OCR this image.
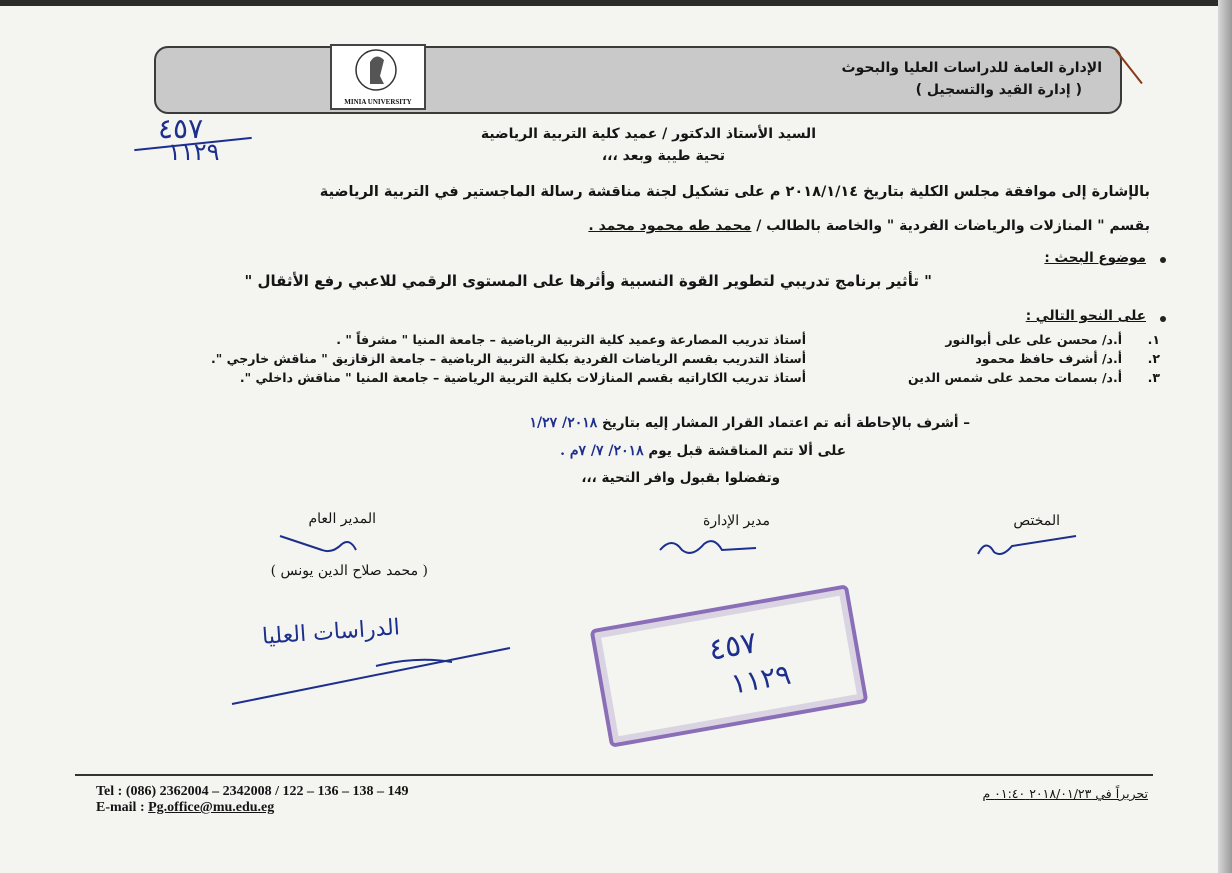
MINIA UNIVERSITY
الإدارة العامة للدراسات العليا والبحوث
( إدارة القيد والتسجيل )
٤٥٧
١١٢٩
السيد الأستاذ الدكتور / عميد كلية التربية الرياضية
تحية طيبة وبعد ،،،
بالإشارة إلى موافقة مجلس الكلية بتاريخ ٢٠١٨/١/١٤ م على تشكيل لجنة مناقشة رسالة الماجستير في التربية الرياضية
بقسم " المنازلات والرياضات الفردية " والخاصة بالطالب / محمد طه محمود محمد .
موضوع البحث :
" تأثير برنامج تدريبي لتطوير القوة النسبية وأثرها على المستوى الرقمي للاعبي رفع الأثقال "
على النحو التالي :
١.
أ.د/ محسن على على أبوالنور
أستاذ تدريب المصارعة وعميد كلية التربية الرياضية – جامعة المنيا " مشرفاً " .
٢.
أ.د/ أشرف حافظ محمود
أستاذ التدريب بقسم الرياضات الفردية بكلية التربية الرياضية – جامعة الزقازيق " مناقش خارجي ".
٣.
أ.د/ بسمات محمد على شمس الدين
أستاذ تدريب الكاراتيه بقسم المنازلات بكلية التربية الرياضية – جامعة المنيا " مناقش داخلي ".
– أشرف بالإحاطة أنه تم اعتماد القرار المشار إليه بتاريخ ٢٠١٨/ ١/٢٧
على ألا تتم المناقشة قبل يوم ٢٠١٨/ ٧/ ٧م .
وتفضلوا بقبول وافر التحية ،،،
المختص
مدير الإدارة
المدير العام
( محمد صلاح الدين يونس )
الدراسات العليا	٤٥٧
١١٢٩
Tel : (086) 2362004 – 2342008 / 122 – 136 – 138 – 149
E-mail : Pg.office@mu.edu.eg
تحريراً في ٢٠١٨/٠١/٢٣ ٠١:٤٠ م
